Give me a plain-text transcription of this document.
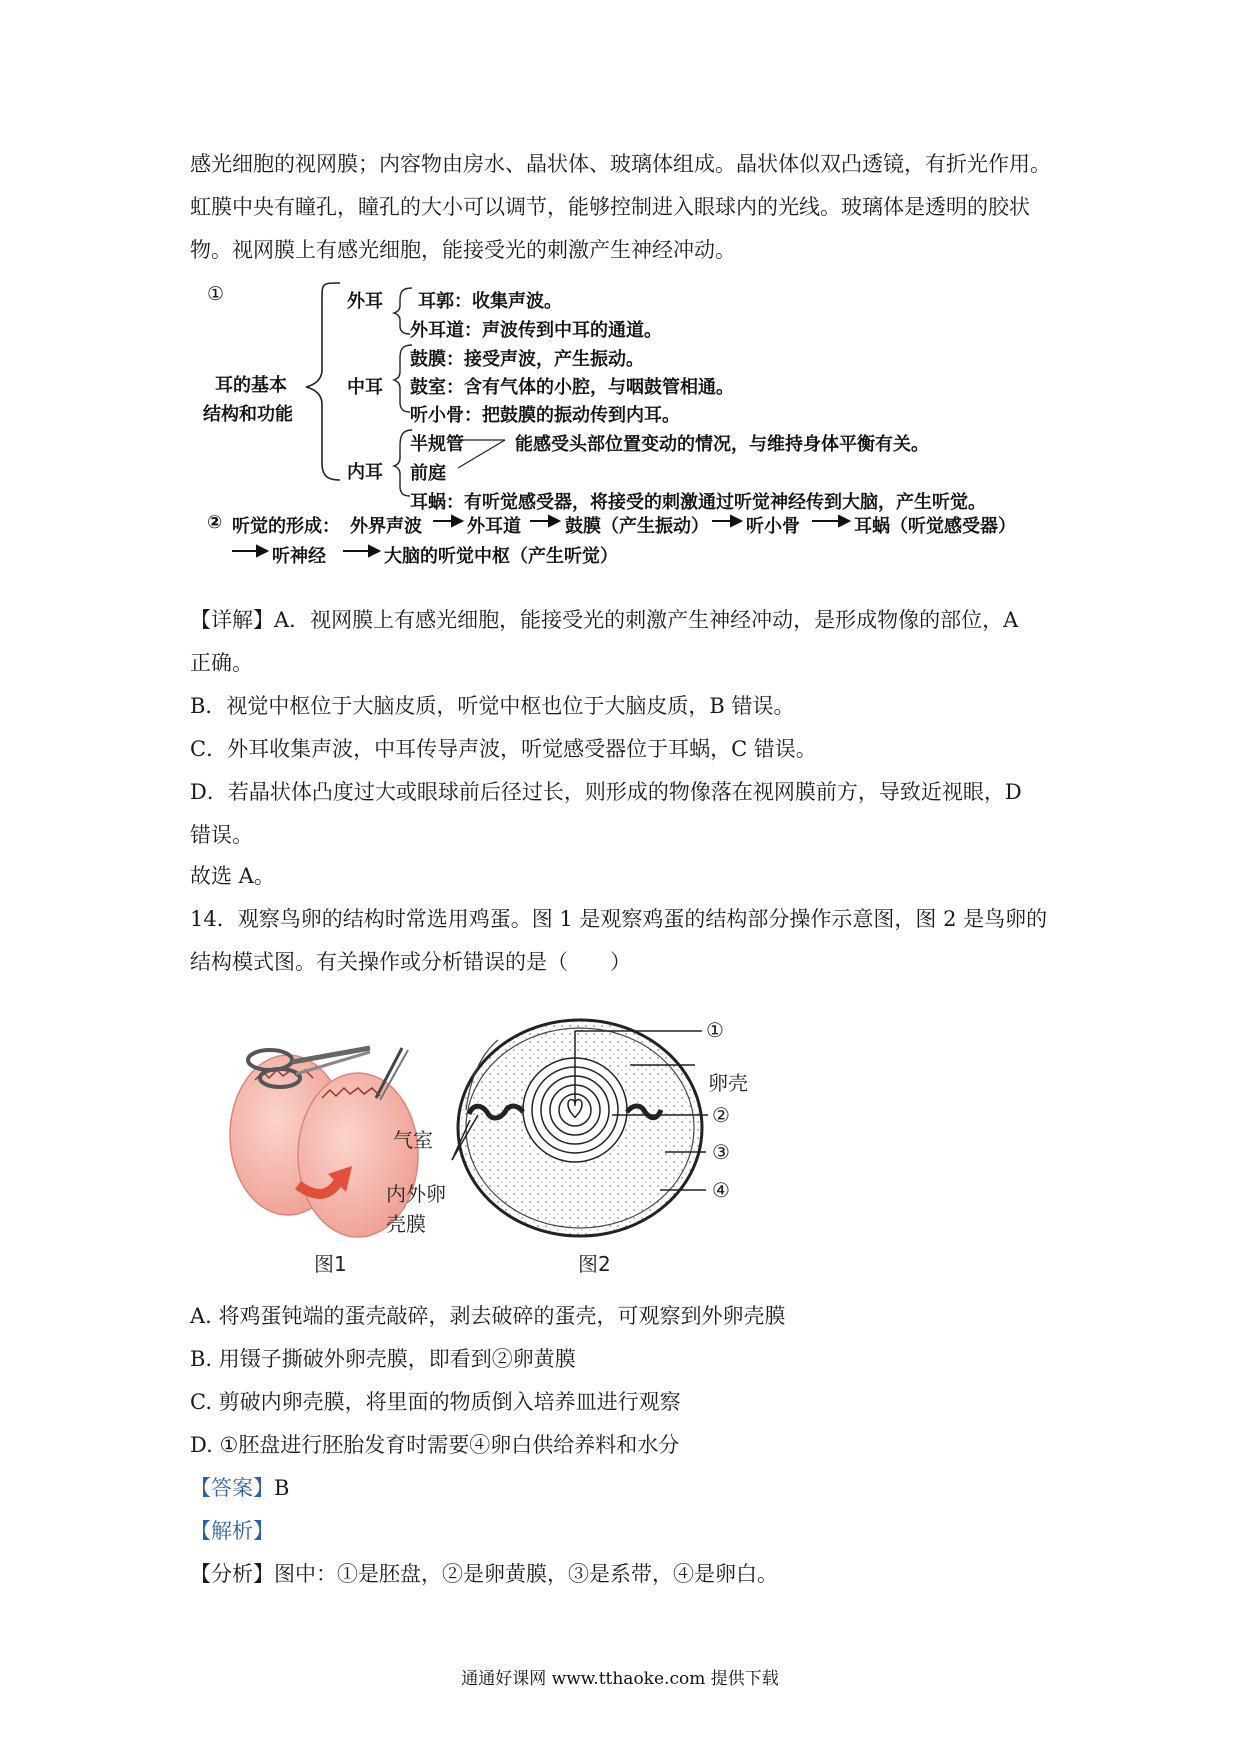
感光细胞的视网膜；内容物由房水、晶状体、玻璃体组成。晶状体似双凸透镜，有折光作用。
虹膜中央有瞳孔，瞳孔的大小可以调节，能够控制进入眼球内的光线。玻璃体是透明的胶状
物。视网膜上有感光细胞，能接受光的刺激产生神经冲动。
①
耳的基本
结构和功能
外耳 耳郭：收集声波。
外耳道：声波传到中耳的通道。
中耳
鼓膜：接受声波，产生振动。
鼓室：含有气体的小腔，与咽鼓管相通。
听小骨：把鼓膜的振动传到内耳。
内耳
半规管
前庭
能感受头部位置变动的情况，与维持身体平衡有关。
耳蜗：有听觉感受器，将接受的刺激通过听觉神经传到大脑，产生听觉。
② 听觉的形成： 外界声波	外耳道 鼓膜（产生振动） 听小骨	耳蜗（听觉感受器）
听神经	大脑的听觉中枢（产生听觉）
【详解】A．视网膜上有感光细胞，能接受光的刺激产生神经冲动，是形成物像的部位，A
正确。
B．视觉中枢位于大脑皮质，听觉中枢也位于大脑皮质，B 错误。
C．外耳收集声波，中耳传导声波，听觉感受器位于耳蜗，C 错误。
D．若晶状体凸度过大或眼球前后径过长，则形成的物像落在视网膜前方，导致近视眼，D
错误。
故选 A。
14．观察鸟卵的结构时常选用鸡蛋。图 1 是观察鸡蛋的结构部分操作示意图，图 2 是鸟卵的
结构模式图。有关操作或分析错误的是（　　）
气室
内外卵
壳膜
图1	图2
①
卵壳
②
③
④
A. 将鸡蛋钝端的蛋壳敲碎，剥去破碎的蛋壳，可观察到外卵壳膜
B. 用镊子撕破外卵壳膜，即看到②卵黄膜
C. 剪破内卵壳膜，将里面的物质倒入培养皿进行观察
D. ①胚盘进行胚胎发育时需要④卵白供给养料和水分
【答案】B
【解析】
【分析】图中：①是胚盘，②是卵黄膜，③是系带，④是卵白。
通通好课网 www.tthaoke.com 提供下载
